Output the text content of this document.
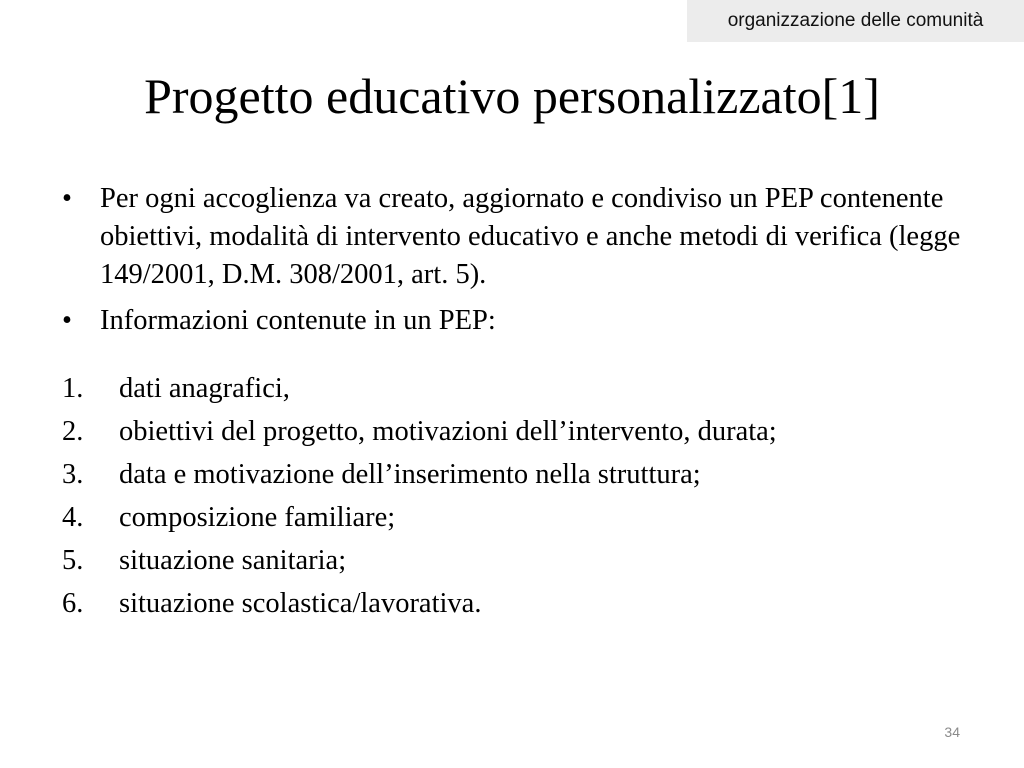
organizzazione delle comunità
Progetto educativo personalizzato[1]
• Per ogni accoglienza va creato, aggiornato e condiviso un PEP contenente obiettivi, modalità di intervento educativo e anche metodi di verifica (legge 149/2001, D.M. 308/2001, art. 5).
• Informazioni contenute in un PEP:
1. dati anagrafici,
2. obiettivi del progetto, motivazioni dell’intervento, durata;
3. data e motivazione dell’inserimento nella struttura;
4. composizione familiare;
5. situazione sanitaria;
6. situazione scolastica/lavorativa.
34
